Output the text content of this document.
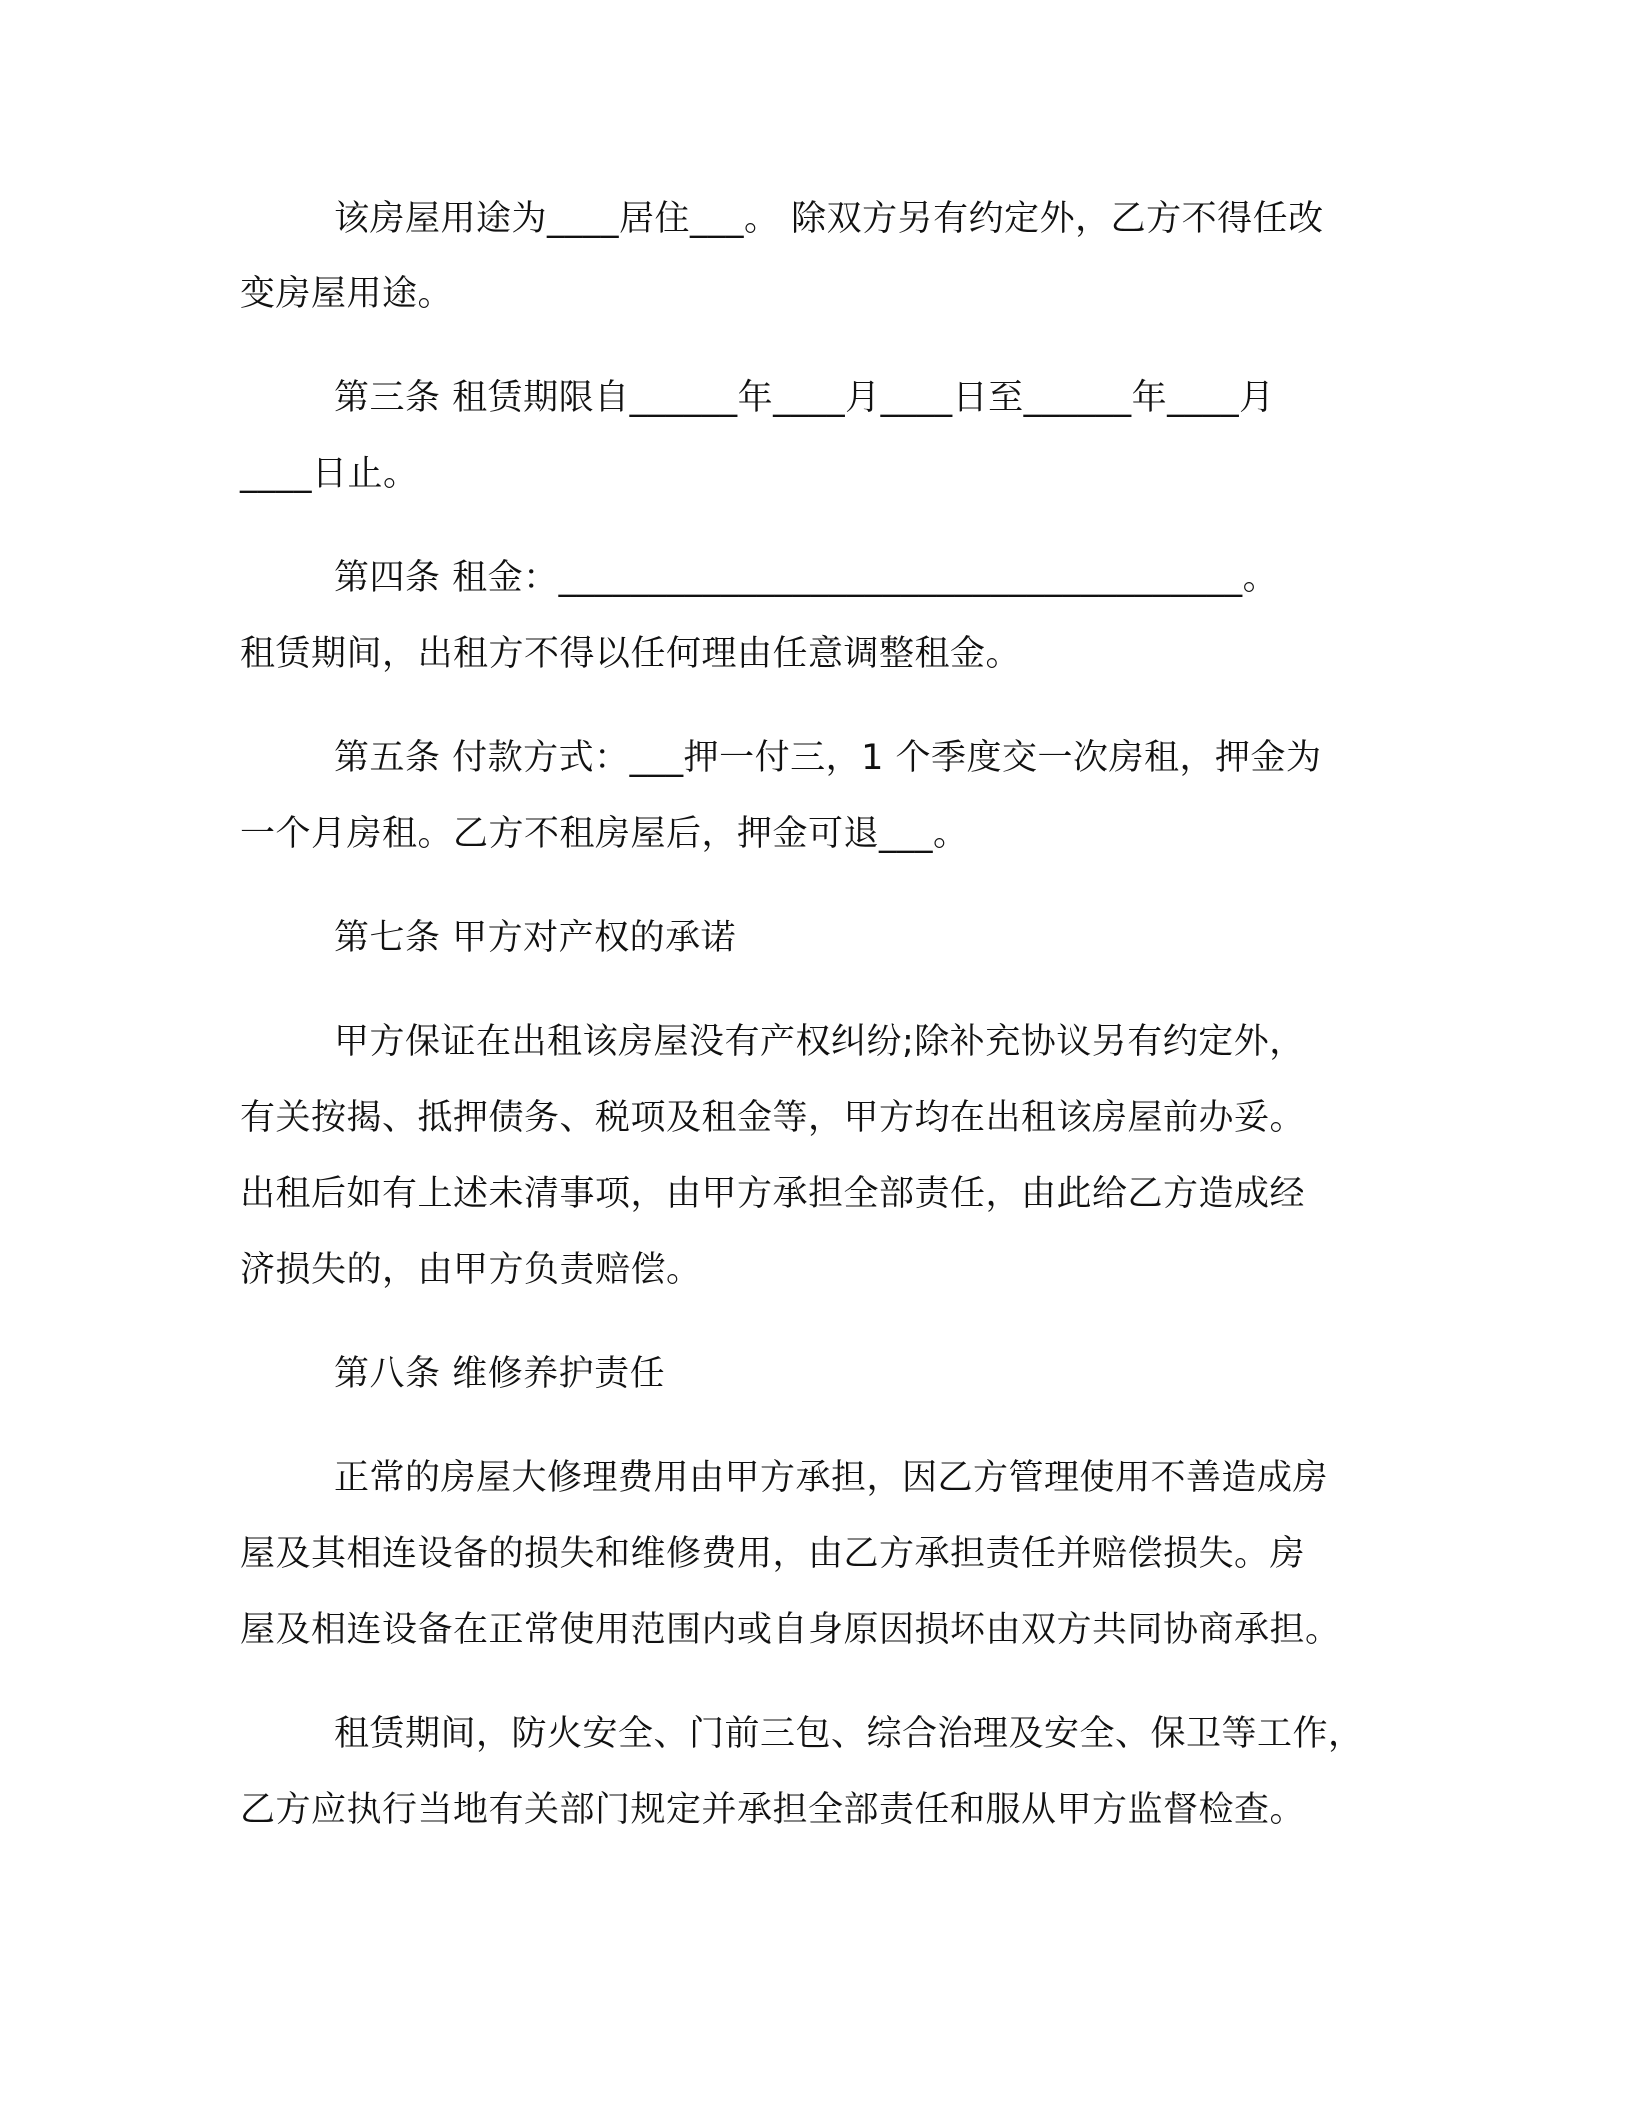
该房屋用途为____居住___。 除双方另有约定外，乙方不得任改
变房屋用途。
第三条 租赁期限自______年____月____日至______年____月
____日止。
第四条 租金：______________________________________。
租赁期间，出租方不得以任何理由任意调整租金。
第五条 付款方式：___押一付三，1 个季度交一次房租，押金为
一个月房租。乙方不租房屋后，押金可退___。
第七条 甲方对产权的承诺
甲方保证在出租该房屋没有产权纠纷;除补充协议另有约定外，
有关按揭、抵押债务、税项及租金等，甲方均在出租该房屋前办妥。
出租后如有上述未清事项，由甲方承担全部责任，由此给乙方造成经
济损失的，由甲方负责赔偿。
第八条 维修养护责任
正常的房屋大修理费用由甲方承担，因乙方管理使用不善造成房
屋及其相连设备的损失和维修费用，由乙方承担责任并赔偿损失。房
屋及相连设备在正常使用范围内或自身原因损坏由双方共同协商承担。
租赁期间，防火安全、门前三包、综合治理及安全、保卫等工作，
乙方应执行当地有关部门规定并承担全部责任和服从甲方监督检查。
